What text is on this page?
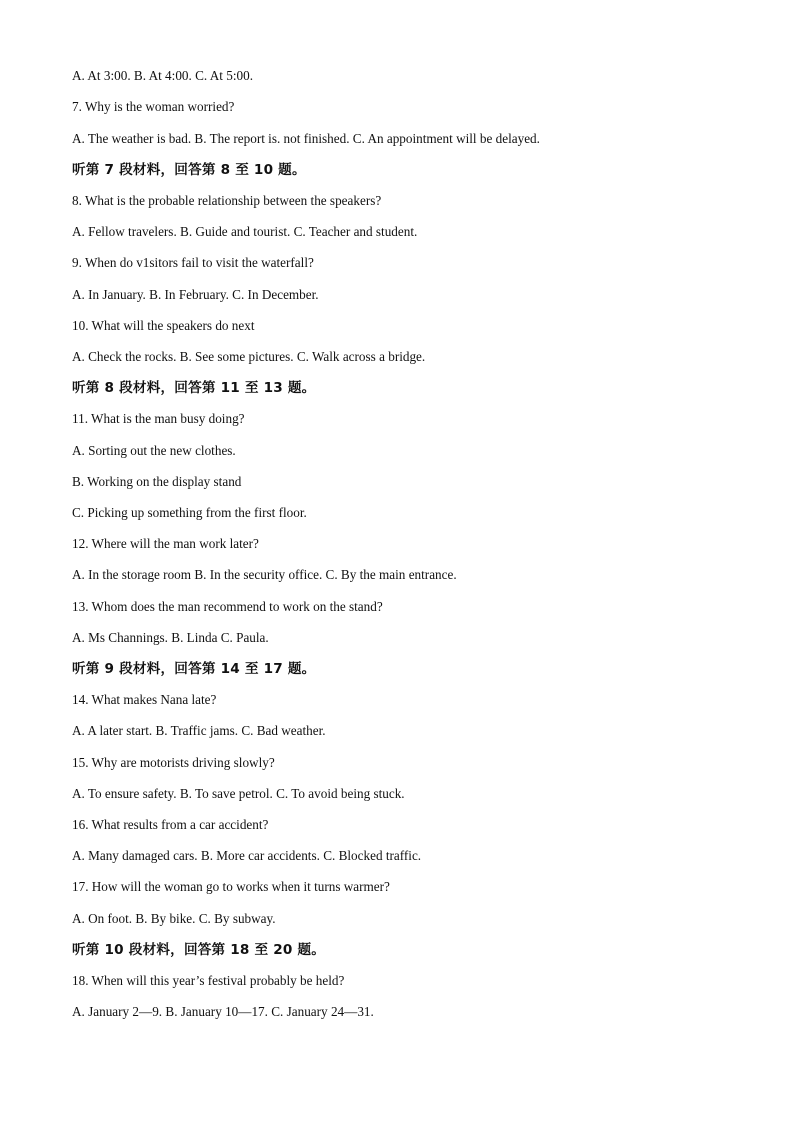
A. At 3:00. B. At 4:00. C. At 5:00.
7. Why is the woman worried?
A. The weather is bad. B. The report is. not finished. C. An appointment will be delayed.
听第 7 段材料，回答第 8 至 10 题。
8. What is the probable relationship between the speakers?
A. Fellow travelers. B. Guide and tourist. C. Teacher and student.
9. When do v1sitors fail to visit the waterfall?
A. In January. B. In February. C. In December.
10. What will the speakers do next
A. Check the rocks. B. See some pictures. C. Walk across a bridge.
听第 8 段材料，回答第 11 至 13 题。
11. What is the man busy doing?
A. Sorting out the new clothes.
B. Working on the display stand
C. Picking up something from the first floor.
12. Where will the man work later?
A. In the storage room B. In the security office. C. By the main entrance.
13. Whom does the man recommend to work on the stand?
A. Ms Channings. B. Linda C. Paula.
听第 9 段材料，回答第 14 至 17 题。
14. What makes Nana late?
A. A later start. B. Traffic jams. C. Bad weather.
15. Why are motorists driving slowly?
A. To ensure safety. B. To save petrol. C. To avoid being stuck.
16. What results from a car accident?
A. Many damaged cars. B. More car accidents. C. Blocked traffic.
17. How will the woman go to works when it turns warmer?
A. On foot. B. By bike. C. By subway.
听第 10 段材料，回答第 18 至 20 题。
18. When will this year’s festival probably be held?
A. January 2—9. B. January 10—17. C. January 24—31.
